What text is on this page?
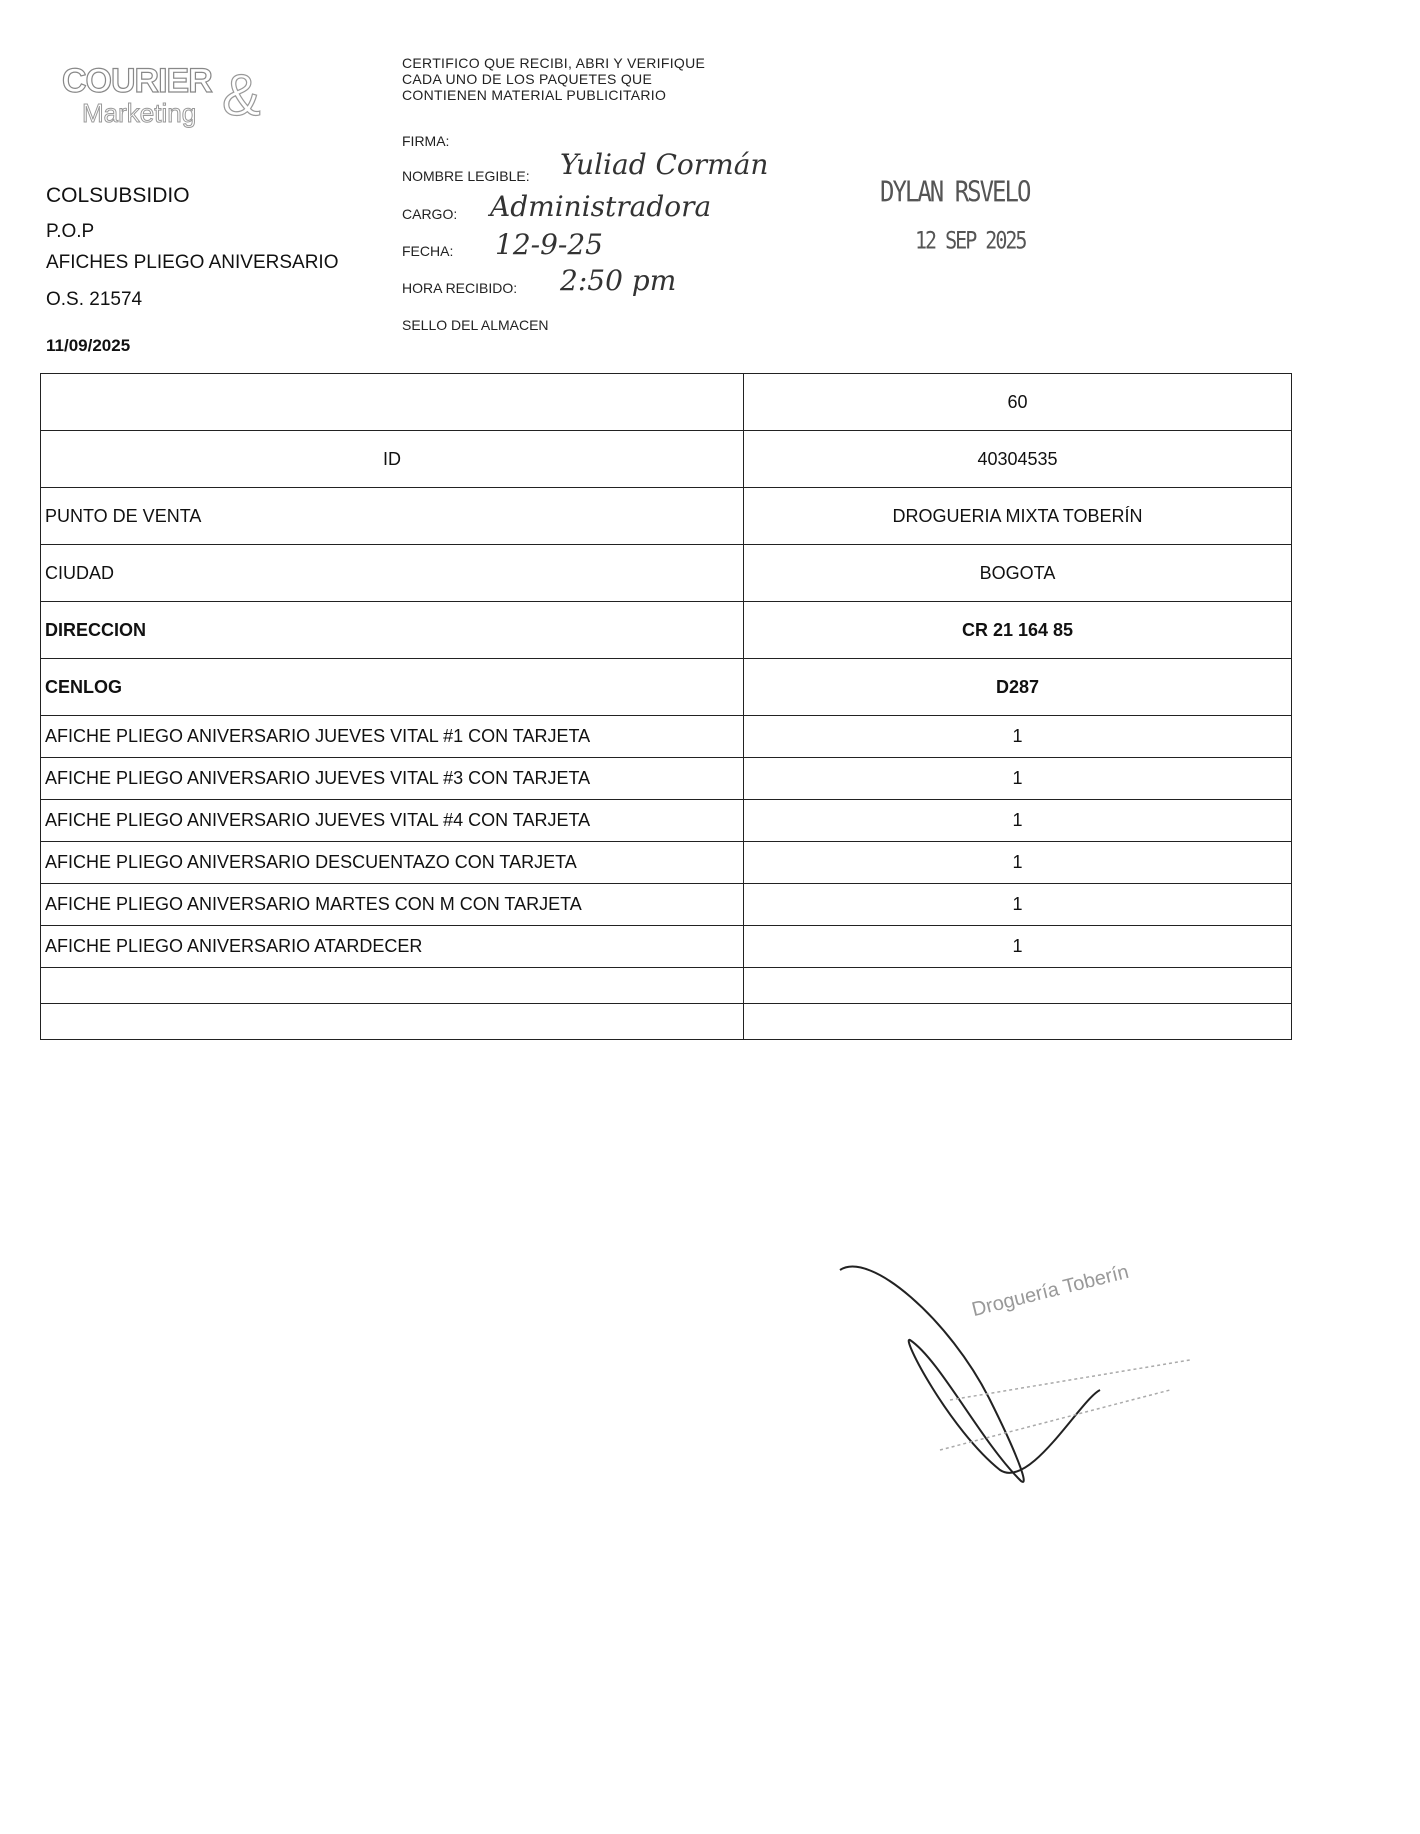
COURIER
Marketing &
COLSUBSIDIO
P.O.P
AFICHES PLIEGO ANIVERSARIO
O.S. 21574
11/09/2025
CERTIFICO QUE RECIBI, ABRI Y VERIFIQUE
CADA UNO DE LOS PAQUETES QUE
CONTIENEN MATERIAL PUBLICITARIO
FIRMA:
NOMBRE LEGIBLE: Yuliad Cormán
CARGO: Administradora
FECHA: 12-9-25
HORA RECIBIDO: 2:50 pm
SELLO DEL ALMACEN
DYLAN RSVELO
12 SEP 2025
	60
ID	40304535
PUNTO DE VENTA	DROGUERIA MIXTA TOBERÍN
CIUDAD	BOGOTA
DIRECCION	CR 21 164 85
CENLOG	D287
AFICHE PLIEGO ANIVERSARIO JUEVES VITAL #1 CON TARJETA	1
AFICHE PLIEGO ANIVERSARIO JUEVES VITAL #3 CON TARJETA	1
AFICHE PLIEGO ANIVERSARIO JUEVES VITAL #4 CON TARJETA	1
AFICHE PLIEGO ANIVERSARIO DESCUENTAZO CON TARJETA	1
AFICHE PLIEGO ANIVERSARIO MARTES CON M CON TARJETA	1
AFICHE PLIEGO ANIVERSARIO ATARDECER	1

Droguería Toberín
